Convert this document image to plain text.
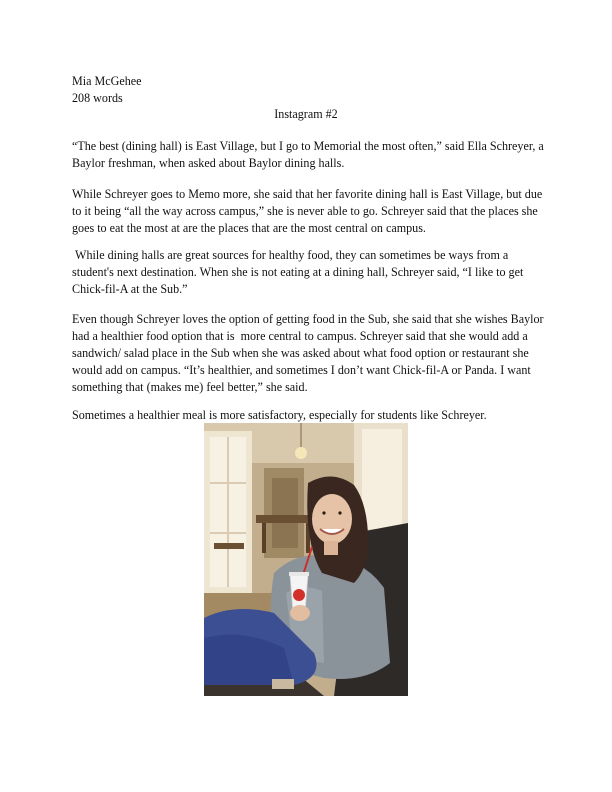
Mia McGehee
208 words
Instagram #2

“The best (dining hall) is East Village, but I go to Memorial the most often,” said Ella Schreyer, a Baylor freshman, when asked about Baylor dining halls.

While Schreyer goes to Memo more, she said that her favorite dining hall is East Village, but due to it being “all the way across campus,” she is never able to go. Schreyer said that the places she goes to eat the most at are the places that are the most central on campus.

While dining halls are great sources for healthy food, they can sometimes be ways from a student's next destination. When she is not eating at a dining hall, Schreyer said, “I like to get Chick-fil-A at the Sub.”

Even though Schreyer loves the option of getting food in the Sub, she said that she wishes Baylor had a healthier food option that is  more central to campus. Schreyer said that she would add a sandwich/ salad place in the Sub when she was asked about what food option or restaurant she would add on campus. “It’s healthier, and sometimes I don’t want Chick-fil-A or Panda. I want something that (makes me) feel better,” she said.

Sometimes a healthier meal is more satisfactory, especially for students like Schreyer.
